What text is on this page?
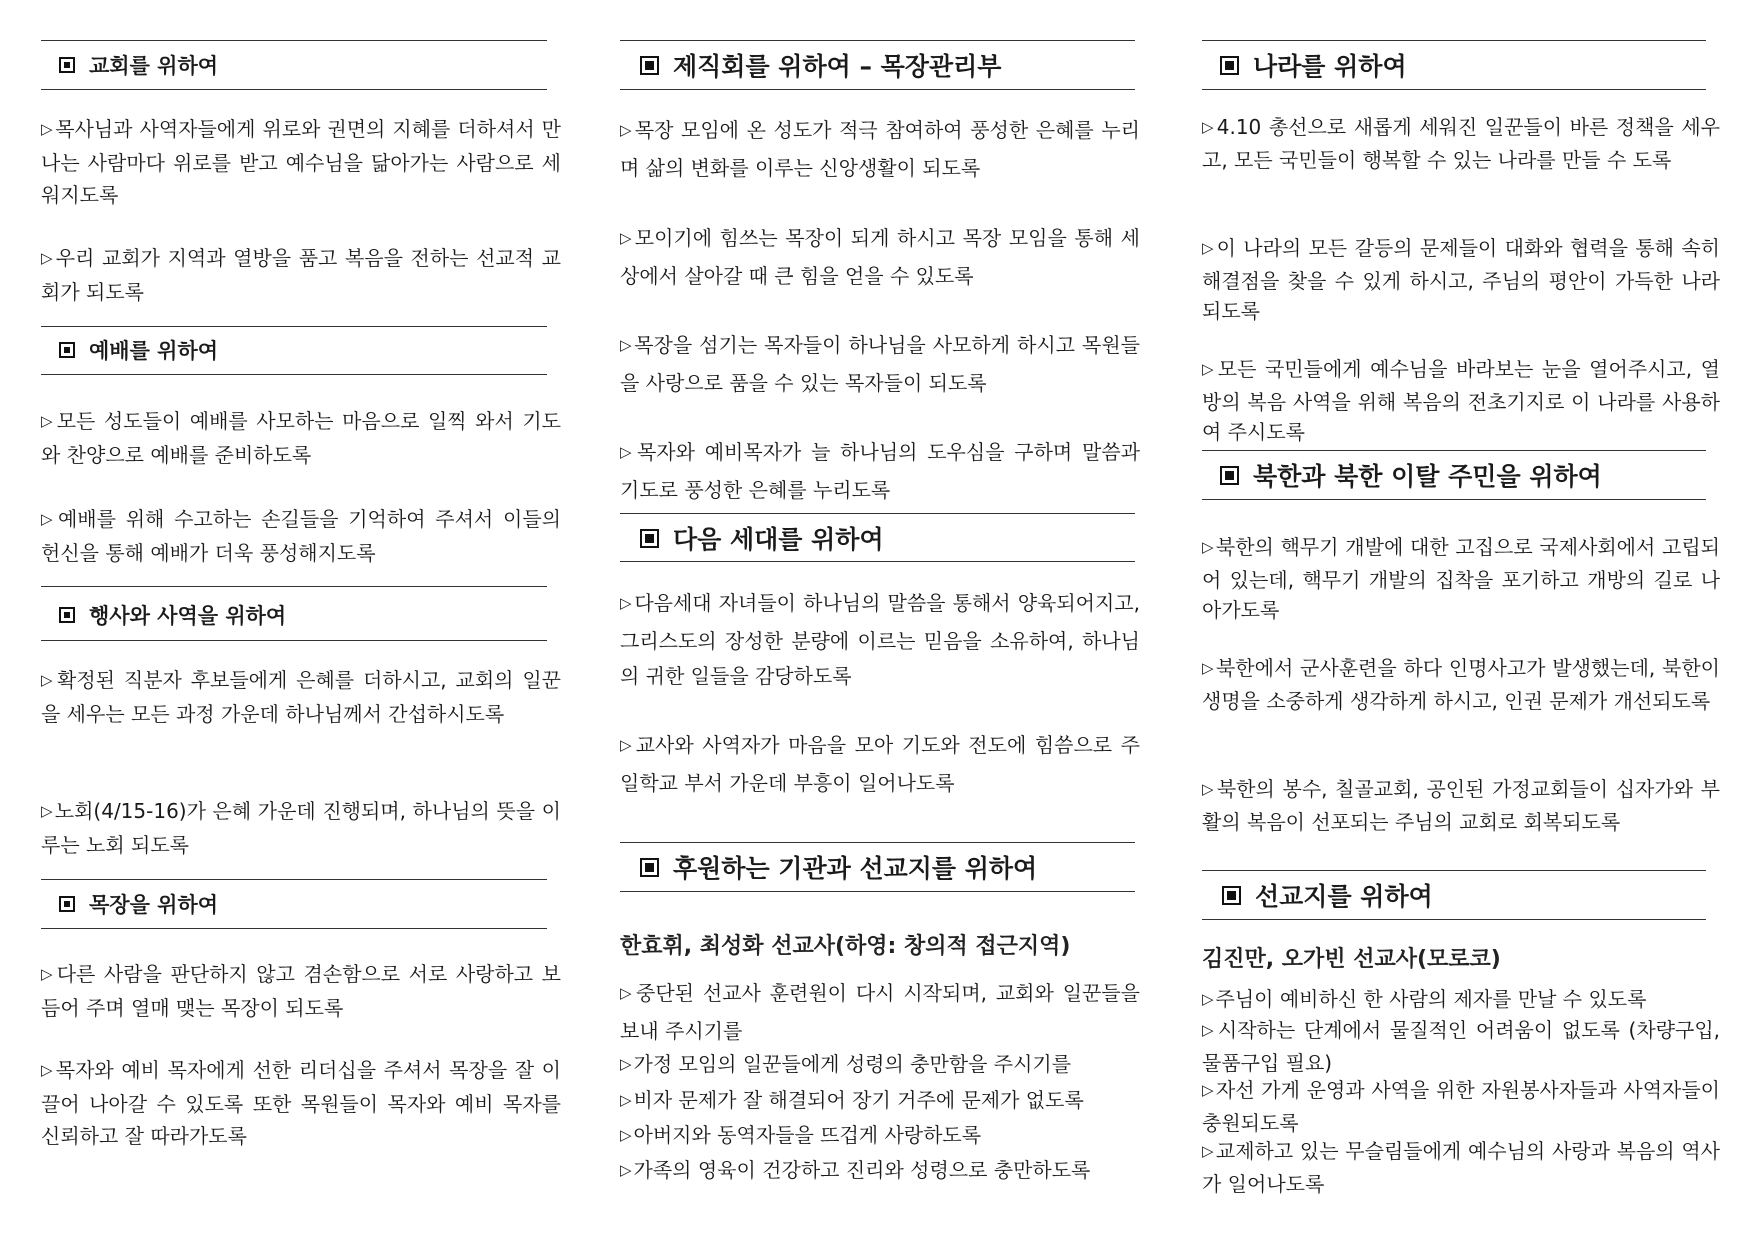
교회를 위하여
▷ 목사님과 사역자들에게 위로와 권면의 지혜를 더하셔서 만나는 사람마다 위로를 받고 예수님을 닮아가는 사람으로 세워지도록
▷ 우리 교회가 지역과 열방을 품고 복음을 전하는 선교적 교회가 되도록
예배를 위하여
▷ 모든 성도들이 예배를 사모하는 마음으로 일찍 와서 기도와 찬양으로 예배를 준비하도록
▷ 예배를 위해 수고하는 손길들을 기억하여 주셔서 이들의 헌신을 통해 예배가 더욱 풍성해지도록
행사와 사역을 위하여
▷ 확정된 직분자 후보들에게 은혜를 더하시고, 교회의 일꾼을 세우는 모든 과정 가운데 하나님께서 간섭하시도록
▷ 노회(4/15-16)가 은혜 가운데 진행되며, 하나님의 뜻을 이루는 노회 되도록
목장을 위하여
▷ 다른 사람을 판단하지 않고 겸손함으로 서로 사랑하고 보듬어 주며 열매 맺는 목장이 되도록
▷ 목자와 예비 목자에게 선한 리더십을 주셔서 목장을 잘 이끌어 나아갈 수 있도록 또한 목원들이 목자와 예비 목자를 신뢰하고 잘 따라가도록
제직회를 위하여 – 목장관리부
▷ 목장 모임에 온 성도가 적극 참여하여 풍성한 은혜를 누리며 삶의 변화를 이루는 신앙생활이 되도록
▷ 모이기에 힘쓰는 목장이 되게 하시고 목장 모임을 통해 세상에서 살아갈 때 큰 힘을 얻을 수 있도록
▷ 목장을 섬기는 목자들이 하나님을 사모하게 하시고 목원들을 사랑으로 품을 수 있는 목자들이 되도록
▷ 목자와 예비목자가 늘 하나님의 도우심을 구하며 말씀과 기도로 풍성한 은혜를 누리도록
다음 세대를 위하여
▷ 다음세대 자녀들이 하나님의 말씀을 통해서 양육되어지고, 그리스도의 장성한 분량에 이르는 믿음을 소유하여, 하나님의 귀한 일들을 감당하도록
▷ 교사와 사역자가 마음을 모아 기도와 전도에 힘씀으로 주일학교 부서 가운데 부흥이 일어나도록
후원하는 기관과 선교지를 위하여
한효휘, 최성화 선교사(하영: 창의적 접근지역)
▷ 중단된 선교사 훈련원이 다시 시작되며, 교회와 일꾼들을 보내 주시기를
▷ 가정 모임의 일꾼들에게 성령의 충만함을 주시기를
▷ 비자 문제가 잘 해결되어 장기 거주에 문제가 없도록
▷ 아버지와 동역자들을 뜨겁게 사랑하도록
▷ 가족의 영육이 건강하고 진리와 성령으로 충만하도록
나라를 위하여
▷ 4.10 총선으로 새롭게 세워진 일꾼들이 바른 정책을 세우고, 모든 국민들이 행복할 수 있는 나라를 만들 수 도록
▷ 이 나라의 모든 갈등의 문제들이 대화와 협력을 통해 속히 해결점을 찾을 수 있게 하시고, 주님의 평안이 가득한 나라 되도록
▷ 모든 국민들에게 예수님을 바라보는 눈을 열어주시고, 열방의 복음 사역을 위해 복음의 전초기지로 이 나라를 사용하여 주시도록
북한과 북한 이탈 주민을 위하여
▷ 북한의 핵무기 개발에 대한 고집으로 국제사회에서 고립되어 있는데, 핵무기 개발의 집착을 포기하고 개방의 길로 나아가도록
▷ 북한에서 군사훈련을 하다 인명사고가 발생했는데, 북한이 생명을 소중하게 생각하게 하시고, 인권 문제가 개선되도록
▷ 북한의 봉수, 칠골교회, 공인된 가정교회들이 십자가와 부활의 복음이 선포되는 주님의 교회로 회복되도록
선교지를 위하여
김진만, 오가빈 선교사(모로코)
▷ 주님이 예비하신 한 사람의 제자를 만날 수 있도록
▷ 시작하는 단계에서 물질적인 어려움이 없도록 (차량구입, 물품구입 필요)
▷ 자선 가게 운영과 사역을 위한 자원봉사자들과 사역자들이 충원되도록
▷ 교제하고 있는 무슬림들에게 예수님의 사랑과 복음의 역사가 일어나도록
